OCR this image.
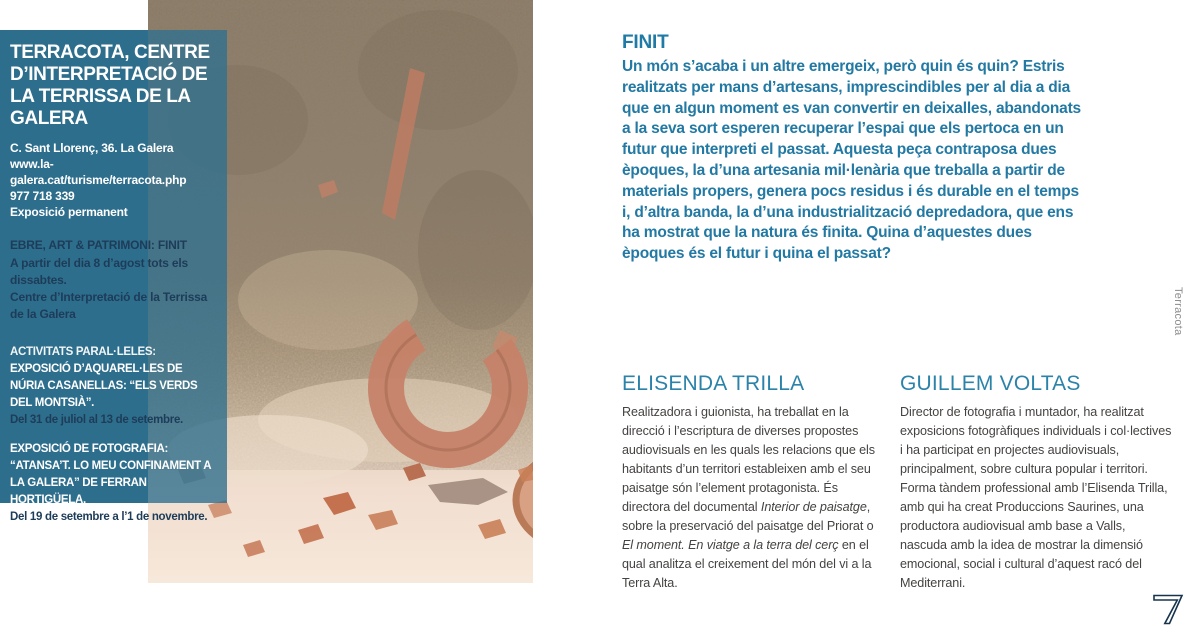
TERRACOTA, CENTRE D’INTERPRETACIÓ DE LA TERRISSA DE LA GALERA
C. Sant Llorenç, 36. La Galera
www.la-galera.cat/turisme/terracota.php
977 718 339
Exposició permanent
EBRE, ART & PATRIMONI: FINIT
A partir del dia 8 d’agost tots els dissabtes.
Centre d’Interpretació de la Terrissa de la Galera
ACTIVITATS PARAL·LELES:
EXPOSICIÓ D’AQUAREL·LES DE NÚRIA CASANELLAS: “ELS VERDS DEL MONTSIÀ”.
Del 31 de juliol al 13 de setembre.
EXPOSICIÓ DE FOTOGRAFIA: “ATANSA’T. LO MEU CONFINAMENT A LA GALERA” DE FERRAN HORTIGÜELA.
Del 19 de setembre a l’1 de novembre.
FINIT

Un món s’acaba i un altre emergeix, però quin és quin? Estris realitzats per mans d’artesans, imprescindibles per al dia a dia que en algun moment es van convertir en deixalles, abandonats a la seva sort esperen recuperar l’espai que els pertoca en un futur que interpreti el passat. Aquesta peça contraposa dues èpoques, la d’una artesania mil·lenària que treballa a partir de materials propers, genera pocs residus i és durable en el temps i, d’altra banda, la d’una industrialització depredadora, que ens ha mostrat que la natura és finita. Quina d’aquestes dues èpoques és el futur i quina el passat?

ELISENDA TRILLA

Realitzadora i guionista, ha treballat en la direcció i l’escriptura de diverses propostes audiovisuals en les quals les relacions que els habitants d’un territori estableixen amb el seu paisatge són l’element protagonista. És directora del documental Interior de paisatge, sobre la preservació del paisatge del Priorat o El moment. En viatge a la terra del cerç en el qual analitza el creixement del món del vi a la Terra Alta.

GUILLEM VOLTAS

Director de fotografia i muntador, ha realitzat exposicions fotogràfiques individuals i col·lectives i ha participat en projectes audiovisuals, principalment, sobre cultura popular i territori. Forma tàndem professional amb l’Elisenda Trilla, amb qui ha creat Produccions Saurines, una productora audiovisual amb base a Valls, nascuda amb la idea de mostrar la dimensió emocional, social i cultural d’aquest racó del Mediterrani.

Terracota
